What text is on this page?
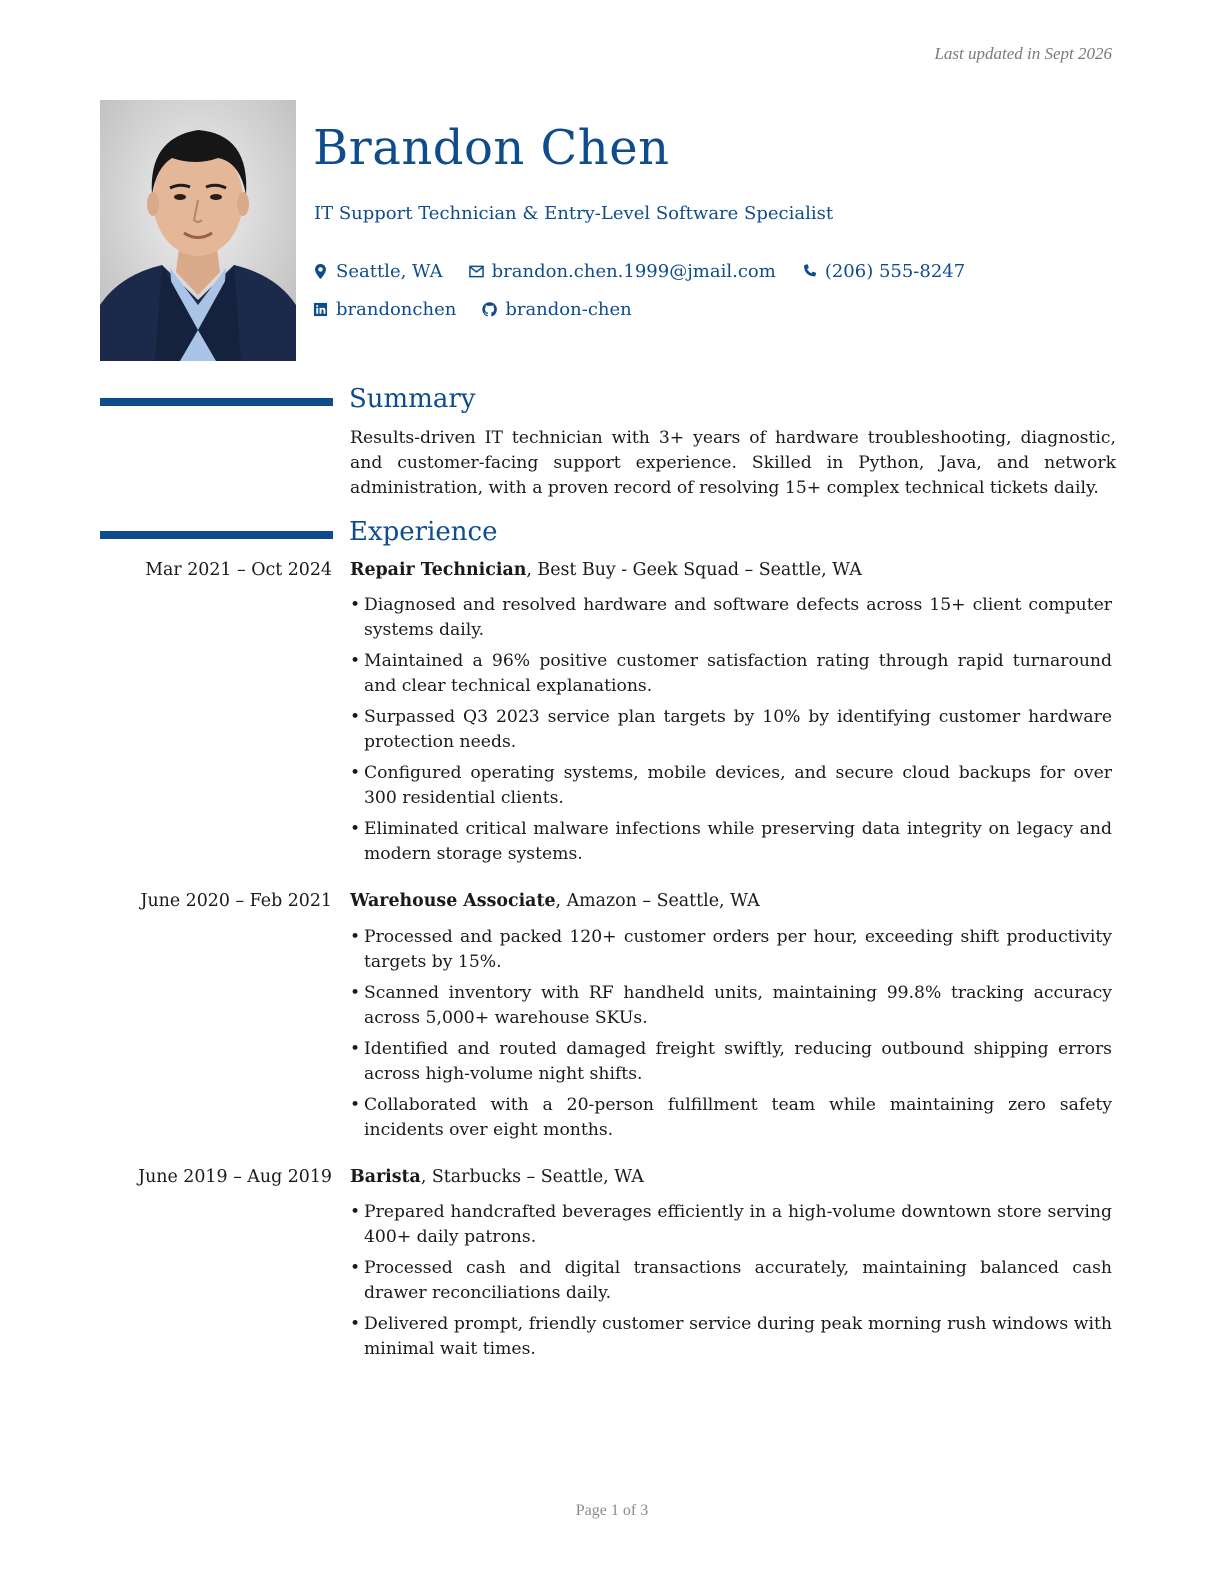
Last updated in Sept 2026
Brandon Chen
IT Support Technician & Entry-Level Software Specialist
Seattle, WA	brandon.chen.1999@jmail.com	(206) 555-8247
brandonchen	brandon-chen
Summary

Results-driven IT technician with 3+ years of hardware troubleshooting, diagnostic, and customer-facing support experience. Skilled in Python, Java, and network administration, with a proven record of resolving 15+ complex technical tickets daily.

Experience
Mar 2021 – Oct 2024 Repair Technician, Best Buy - Geek Squad – Seattle, WA
• Diagnosed and resolved hardware and software defects across 15+ client computer systems daily.
• Maintained a 96% positive customer satisfaction rating through rapid turnaround and clear technical explanations.
• Surpassed Q3 2023 service plan targets by 10% by identifying customer hardware protection needs.
• Configured operating systems, mobile devices, and secure cloud backups for over 300 residential clients.
• Eliminated critical malware infections while preserving data integrity on legacy and modern storage systems.
June 2020 – Feb 2021 Warehouse Associate, Amazon – Seattle, WA
• Processed and packed 120+ customer orders per hour, exceeding shift productivity targets by 15%.
• Scanned inventory with RF handheld units, maintaining 99.8% tracking accuracy across 5,000+ warehouse SKUs.
• Identified and routed damaged freight swiftly, reducing outbound shipping errors across high-volume night shifts.
• Collaborated with a 20-person fulfillment team while maintaining zero safety incidents over eight months.
June 2019 – Aug 2019 Barista, Starbucks – Seattle, WA
• Prepared handcrafted beverages efficiently in a high-volume downtown store serving 400+ daily patrons.
• Processed cash and digital transactions accurately, maintaining balanced cash drawer reconciliations daily.
• Delivered prompt, friendly customer service during peak morning rush windows with minimal wait times.
Page 1 of 3
